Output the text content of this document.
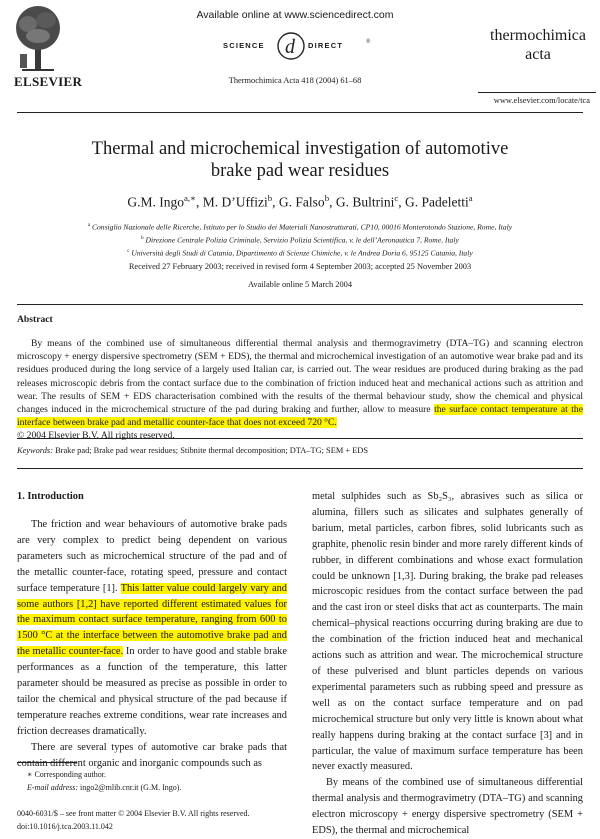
ELSEVIER
Available online at www.sciencedirect.com
SCIENCE d DIRECT	®
Thermochimica Acta 418 (2004) 61–68
thermochimica
acta
www.elsevier.com/locate/tca
Thermal and microchemical investigation of automotive
brake pad wear residues
G.M. Ingo$^{a,∗}$, M. D’Uffizi$^b$, G. Falso$^b$, G. Bultrini$^c$, G. Padeletti$^a$
$^a$ Consiglio Nazionale delle Ricerche, Istituto per lo Studio dei Materiali Nanostrutturati, CP10, 00016 Monterotondo Stazione, Rome, Italy
$^b$ Direzione Centrale Polizia Criminale, Servizio Polizia Scientifica, v. le dell’Aeronautica 7, Rome, Italy
$^c$ Università degli Studi di Catania, Dipartimento di Scienze Chimiche, v. le Andrea Doria 6, 95125 Catania, Italy
Received 27 February 2003; received in revised form 4 September 2003; accepted 25 November 2003
Available online 5 March 2004
Abstract

By means of the combined use of simultaneous differential thermal analysis and thermogravimetry (DTA–TG) and scanning electron microscopy + energy dispersive spectrometry (SEM + EDS), the thermal and microchemical investigation of an automotive wear brake pad and its residues produced during the long service of a largely used Italian car, is carried out. The wear residues are produced during braking as the pad releases microscopic debris from the contact surface due to the combination of friction induced heat and mechanical actions such as attrition and wear. The results of SEM + EDS characterisation combined with the results of the thermal behaviour study, show the chemical and physical changes induced in the microchemical structure of the pad during braking and further, allow to measure the surface contact temperature at the interface between brake pad and metallic counter-face that does not exceed 720 °C.

© 2004 Elsevier B.V. All rights reserved.
Keywords: Brake pad; Brake pad wear residues; Stibnite thermal decomposition; DTA–TG; SEM + EDS
1. Introduction

The friction and wear behaviours of automotive brake pads are very complex to predict being dependent on various parameters such as microchemical structure of the pad and of the metallic counter-face, rotating speed, pressure and contact surface temperature [1]. This latter value could largely vary and some authors [1,2] have reported different estimated values for the maximum contact surface temperature, ranging from 600 to 1500 °C at the interface between the automotive brake pad and the metallic counter-face. In order to have good and stable brake performances as a function of the temperature, this latter parameter should be measured as precise as possible in order to tailor the chemical and physical structure of the pad because if temperature reaches extreme conditions, wear rate increases and friction decreases dramatically.

There are several types of automotive car brake pads that contain different organic and inorganic compounds such as

metal sulphides such as Sb₂S₃, abrasives such as silica or alumina, fillers such as silicates and sulphates generally of barium, metal particles, carbon fibres, solid lubricants such as graphite, phenolic resin binder and more rarely different kinds of rubber, in different combinations and whose exact formulation could be unknown [1,3]. During braking, the brake pad releases microscopic residues from the contact surface between the pad and the cast iron or steel disks that act as counterparts. The main chemical–physical reactions occurring during braking are due to the combination of the friction induced heat and mechanical actions such as attrition and wear. The microchemical structure of these pulverised and blunt particles depends on various experimental parameters such as rubbing speed and pressure as well as on the contact surface temperature and on pad microchemical structure but only very little is known about what really happens during braking at the contact surface [3] and in particular, the value of maximum surface temperature has been never exactly measured.

By means of the combined use of simultaneous differential thermal analysis and thermogravimetry (DTA–TG) and scanning electron microscopy + energy dispersive spectrometry (SEM + EDS), the thermal and microchemical

∗ Corresponding author.
E-mail address: ingo2@mlib.cnr.it (G.M. Ingo).
0040-6031/$ – see front matter © 2004 Elsevier B.V. All rights reserved.
doi:10.1016/j.tca.2003.11.042
